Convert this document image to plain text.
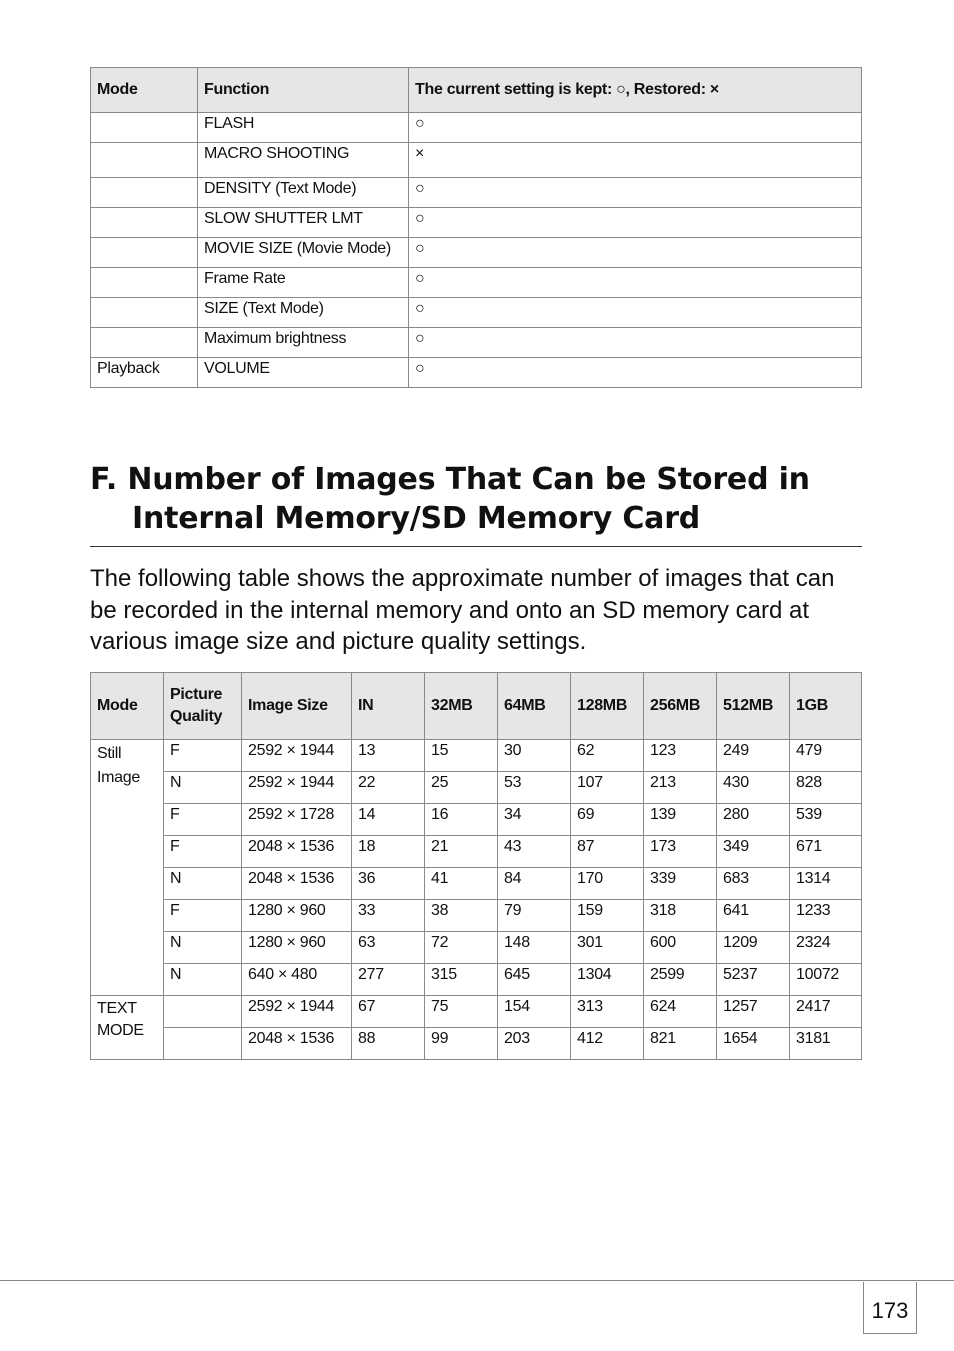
Mode	Function	The current setting is kept: ○, Restored: ×
	FLASH	○
	MACRO SHOOTING	×
	DENSITY (Text Mode)	○
	SLOW SHUTTER LMT	○
	MOVIE SIZE (Movie Mode)	○
	Frame Rate	○
	SIZE (Text Mode)	○
	Maximum brightness	○
Playback	VOLUME	○
F. Number of Images That Can be Stored in
Internal Memory/SD Memory Card

The following table shows the approximate number of images that can be recorded in the internal memory and onto an SD memory card at various image size and picture quality settings.

Mode	Picture Quality	Image Size	IN	32MB	64MB	128MB	256MB	512MB	1GB
Still Image	F	2592 × 1944	13	15	30	62	123	249	479
	N	2592 × 1944	22	25	53	107	213	430	828
	F	2592 × 1728	14	16	34	69	139	280	539
	F	2048 × 1536	18	21	43	87	173	349	671
	N	2048 × 1536	36	41	84	170	339	683	1314
	F	1280 × 960	33	38	79	159	318	641	1233
	N	1280 × 960	63	72	148	301	600	1209	2324
	N	640 × 480	277	315	645	1304	2599	5237	10072
TEXT MODE		2592 × 1944	67	75	154	313	624	1257	2417
		2048 × 1536	88	99	203	412	821	1654	3181
173
